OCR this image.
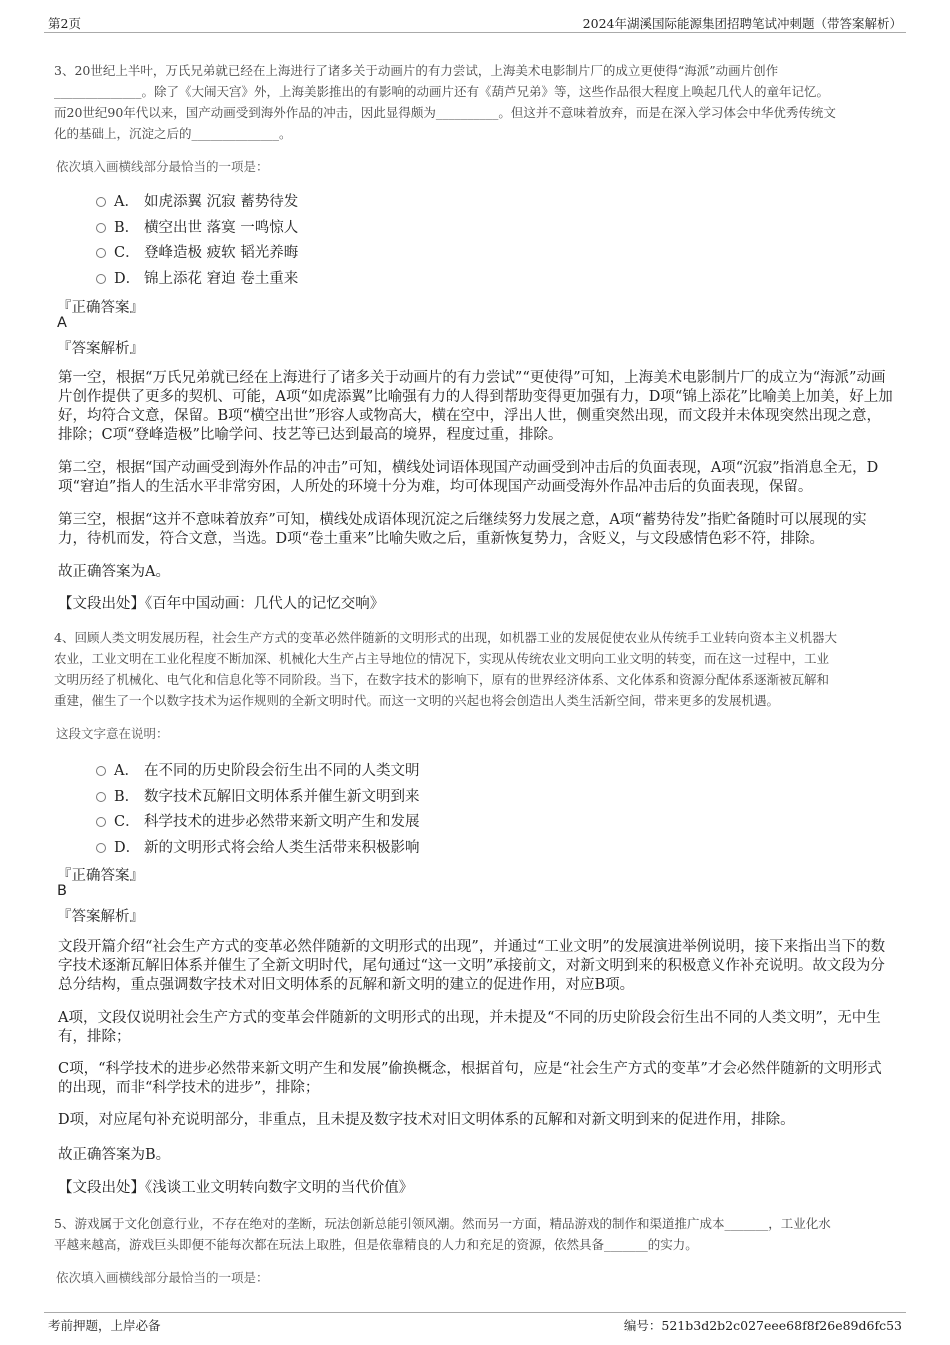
第2页	2024年湖溪国际能源集团招聘笔试冲刺题（带答案解析）

3、20世纪上半叶，万氏兄弟就已经在上海进行了诸多关于动画片的有力尝试，上海美术电影制片厂的成立更使得“海派”动画片创作

______________。除了《大闹天宫》外，上海美影推出的有影响的动画片还有《葫芦兄弟》等，这些作品很大程度上唤起几代人的童年记忆。

而20世纪90年代以来，国产动画受到海外作品的冲击，因此显得颇为__________。但这并不意味着放弃，而是在深入学习体会中华优秀传统文

化的基础上，沉淀之后的______________。

依次填入画横线部分最恰当的一项是：

A． 如虎添翼 沉寂 蓄势待发
B． 横空出世 落寞 一鸣惊人
C． 登峰造极 疲软 韬光养晦
D． 锦上添花 窘迫 卷土重来

『正确答案』

A

『答案解析』

第一空，根据“万氏兄弟就已经在上海进行了诸多关于动画片的有力尝试”“更使得”可知，上海美术电影制片厂的成立为“海派”动画片创作提供了更多的契机、可能，A项“如虎添翼”比喻强有力的人得到帮助变得更加强有力，D项“锦上添花”比喻美上加美，好上加好，均符合文意，保留。B项“横空出世”形容人或物高大，横在空中，浮出人世，侧重突然出现，而文段并未体现突然出现之意，排除；C项“登峰造极”比喻学问、技艺等已达到最高的境界，程度过重，排除。

第二空，根据“国产动画受到海外作品的冲击”可知，横线处词语体现国产动画受到冲击后的负面表现，A项“沉寂”指消息全无，D项“窘迫”指人的生活水平非常穷困，人所处的环境十分为难，均可体现国产动画受海外作品冲击后的负面表现，保留。

第三空，根据“这并不意味着放弃”可知，横线处成语体现沉淀之后继续努力发展之意，A项“蓄势待发”指贮备随时可以展现的实力，待机而发，符合文意，当选。D项“卷土重来”比喻失败之后，重新恢复势力，含贬义，与文段感情色彩不符，排除。

故正确答案为A。

【文段出处】《百年中国动画：几代人的记忆交响》

4、回顾人类文明发展历程，社会生产方式的变革必然伴随新的文明形式的出现，如机器工业的发展促使农业从传统手工业转向资本主义机器大

农业，工业文明在工业化程度不断加深、机械化大生产占主导地位的情况下，实现从传统农业文明向工业文明的转变，而在这一过程中，工业

文明历经了机械化、电气化和信息化等不同阶段。当下，在数字技术的影响下，原有的世界经济体系、文化体系和资源分配体系逐渐被瓦解和

重建，催生了一个以数字技术为运作规则的全新文明时代。而这一文明的兴起也将会创造出人类生活新空间，带来更多的发展机遇。

这段文字意在说明：

A． 在不同的历史阶段会衍生出不同的人类文明
B． 数字技术瓦解旧文明体系并催生新文明到来
C． 科学技术的进步必然带来新文明产生和发展
D． 新的文明形式将会给人类生活带来积极影响

『正确答案』

B

『答案解析』

文段开篇介绍“社会生产方式的变革必然伴随新的文明形式的出现”，并通过“工业文明”的发展演进举例说明，接下来指出当下的数字技术逐渐瓦解旧体系并催生了全新文明时代，尾句通过“这一文明”承接前文，对新文明到来的积极意义作补充说明。故文段为分总分结构，重点强调数字技术对旧文明体系的瓦解和新文明的建立的促进作用，对应B项。

A项，文段仅说明社会生产方式的变革会伴随新的文明形式的出现，并未提及“不同的历史阶段会衍生出不同的人类文明”，无中生有，排除；

C项，“科学技术的进步必然带来新文明产生和发展”偷换概念，根据首句，应是“社会生产方式的变革”才会必然伴随新的文明形式的出现，而非“科学技术的进步”，排除；

D项，对应尾句补充说明部分，非重点，且未提及数字技术对旧文明体系的瓦解和对新文明到来的促进作用，排除。

故正确答案为B。

【文段出处】《浅谈工业文明转向数字文明的当代价值》

5、游戏属于文化创意行业，不存在绝对的垄断，玩法创新总能引领风潮。然而另一方面，精品游戏的制作和渠道推广成本_______，工业化水

平越来越高，游戏巨头即便不能每次都在玩法上取胜，但是依靠精良的人力和充足的资源，依然具备_______的实力。

依次填入画横线部分最恰当的一项是：

考前押题，上岸必备	编号：521b3d2b2c027eee68f8f26e89d6fc53
